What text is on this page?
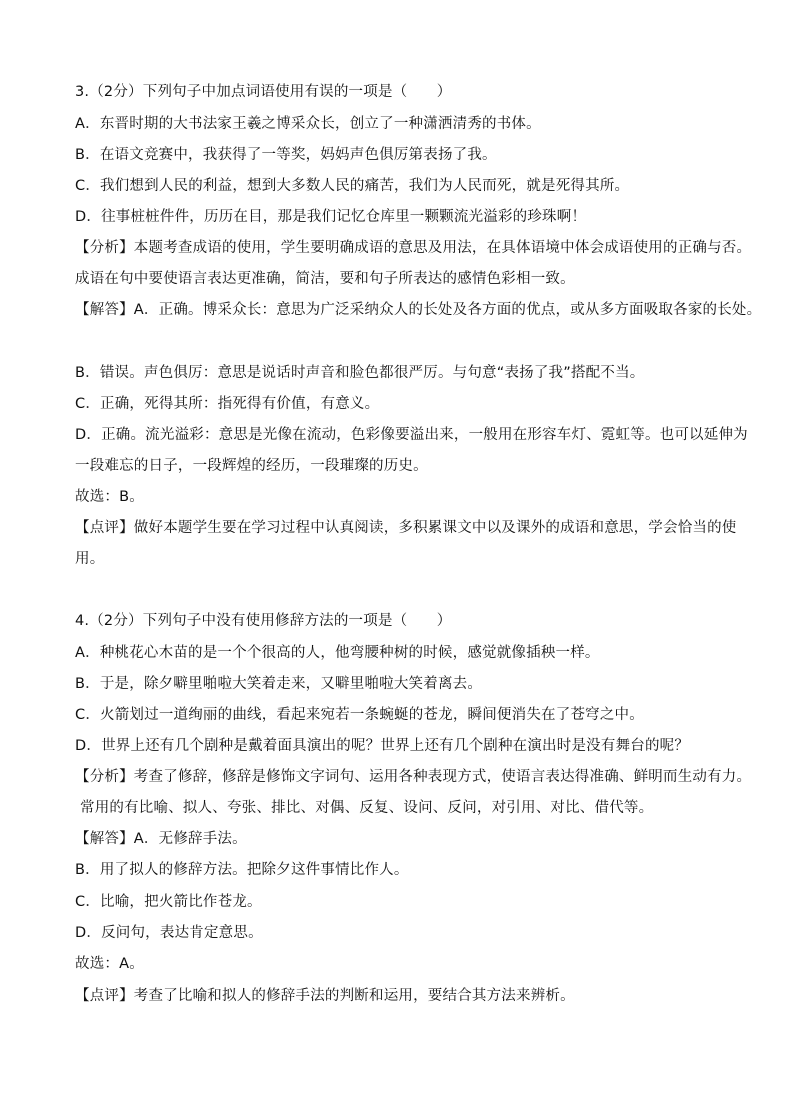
3.（2分）下列句子中加点词语使用有误的一项是（　　）
A．东晋时期的大书法家王羲之博采众长，创立了一种潇洒清秀的书体。
B．在语文竞赛中，我获得了一等奖，妈妈声色俱厉第表扬了我。
C．我们想到人民的利益，想到大多数人民的痛苦，我们为人民而死，就是死得其所。
D．往事桩桩件件，历历在目，那是我们记忆仓库里一颗颗流光溢彩的珍珠啊！
【分析】本题考查成语的使用，学生要明确成语的意思及用法，在具体语境中体会成语使用的正确与否。
成语在句中要使语言表达更准确，简洁，要和句子所表达的感情色彩相一致。
【解答】A．正确。博采众长：意思为广泛采纳众人的长处及各方面的优点，或从多方面吸取各家的长处。
B．错误。声色俱厉：意思是说话时声音和脸色都很严厉。与句意“表扬了我”搭配不当。
C．正确，死得其所：指死得有价值，有意义。
D．正确。流光溢彩：意思是光像在流动，色彩像要溢出来，一般用在形容车灯、霓虹等。也可以延伸为
一段难忘的日子，一段辉煌的经历，一段璀璨的历史。
故选：B。
【点评】做好本题学生要在学习过程中认真阅读，多积累课文中以及课外的成语和意思，学会恰当的使
用。
4.（2分）下列句子中没有使用修辞方法的一项是（　　）
A．种桃花心木苗的是一个个很高的人，他弯腰种树的时候，感觉就像插秧一样。
B．于是，除夕噼里啪啦大笑着走来，又噼里啪啦大笑着离去。
C．火箭划过一道绚丽的曲线，看起来宛若一条蜿蜒的苍龙，瞬间便消失在了苍穹之中。
D．世界上还有几个剧种是戴着面具演出的呢？世界上还有几个剧种在演出时是没有舞台的呢？
【分析】考查了修辞，修辞是修饰文字词句、运用各种表现方式，使语言表达得准确、鲜明而生动有力。
常用的有比喻、拟人、夸张、排比、对偶、反复、设问、反问，对引用、对比、借代等。
【解答】A．无修辞手法。
B．用了拟人的修辞方法。把除夕这件事情比作人。
C．比喻，把火箭比作苍龙。
D．反问句，表达肯定意思。
故选：A。
【点评】考查了比喻和拟人的修辞手法的判断和运用，要结合其方法来辨析。
